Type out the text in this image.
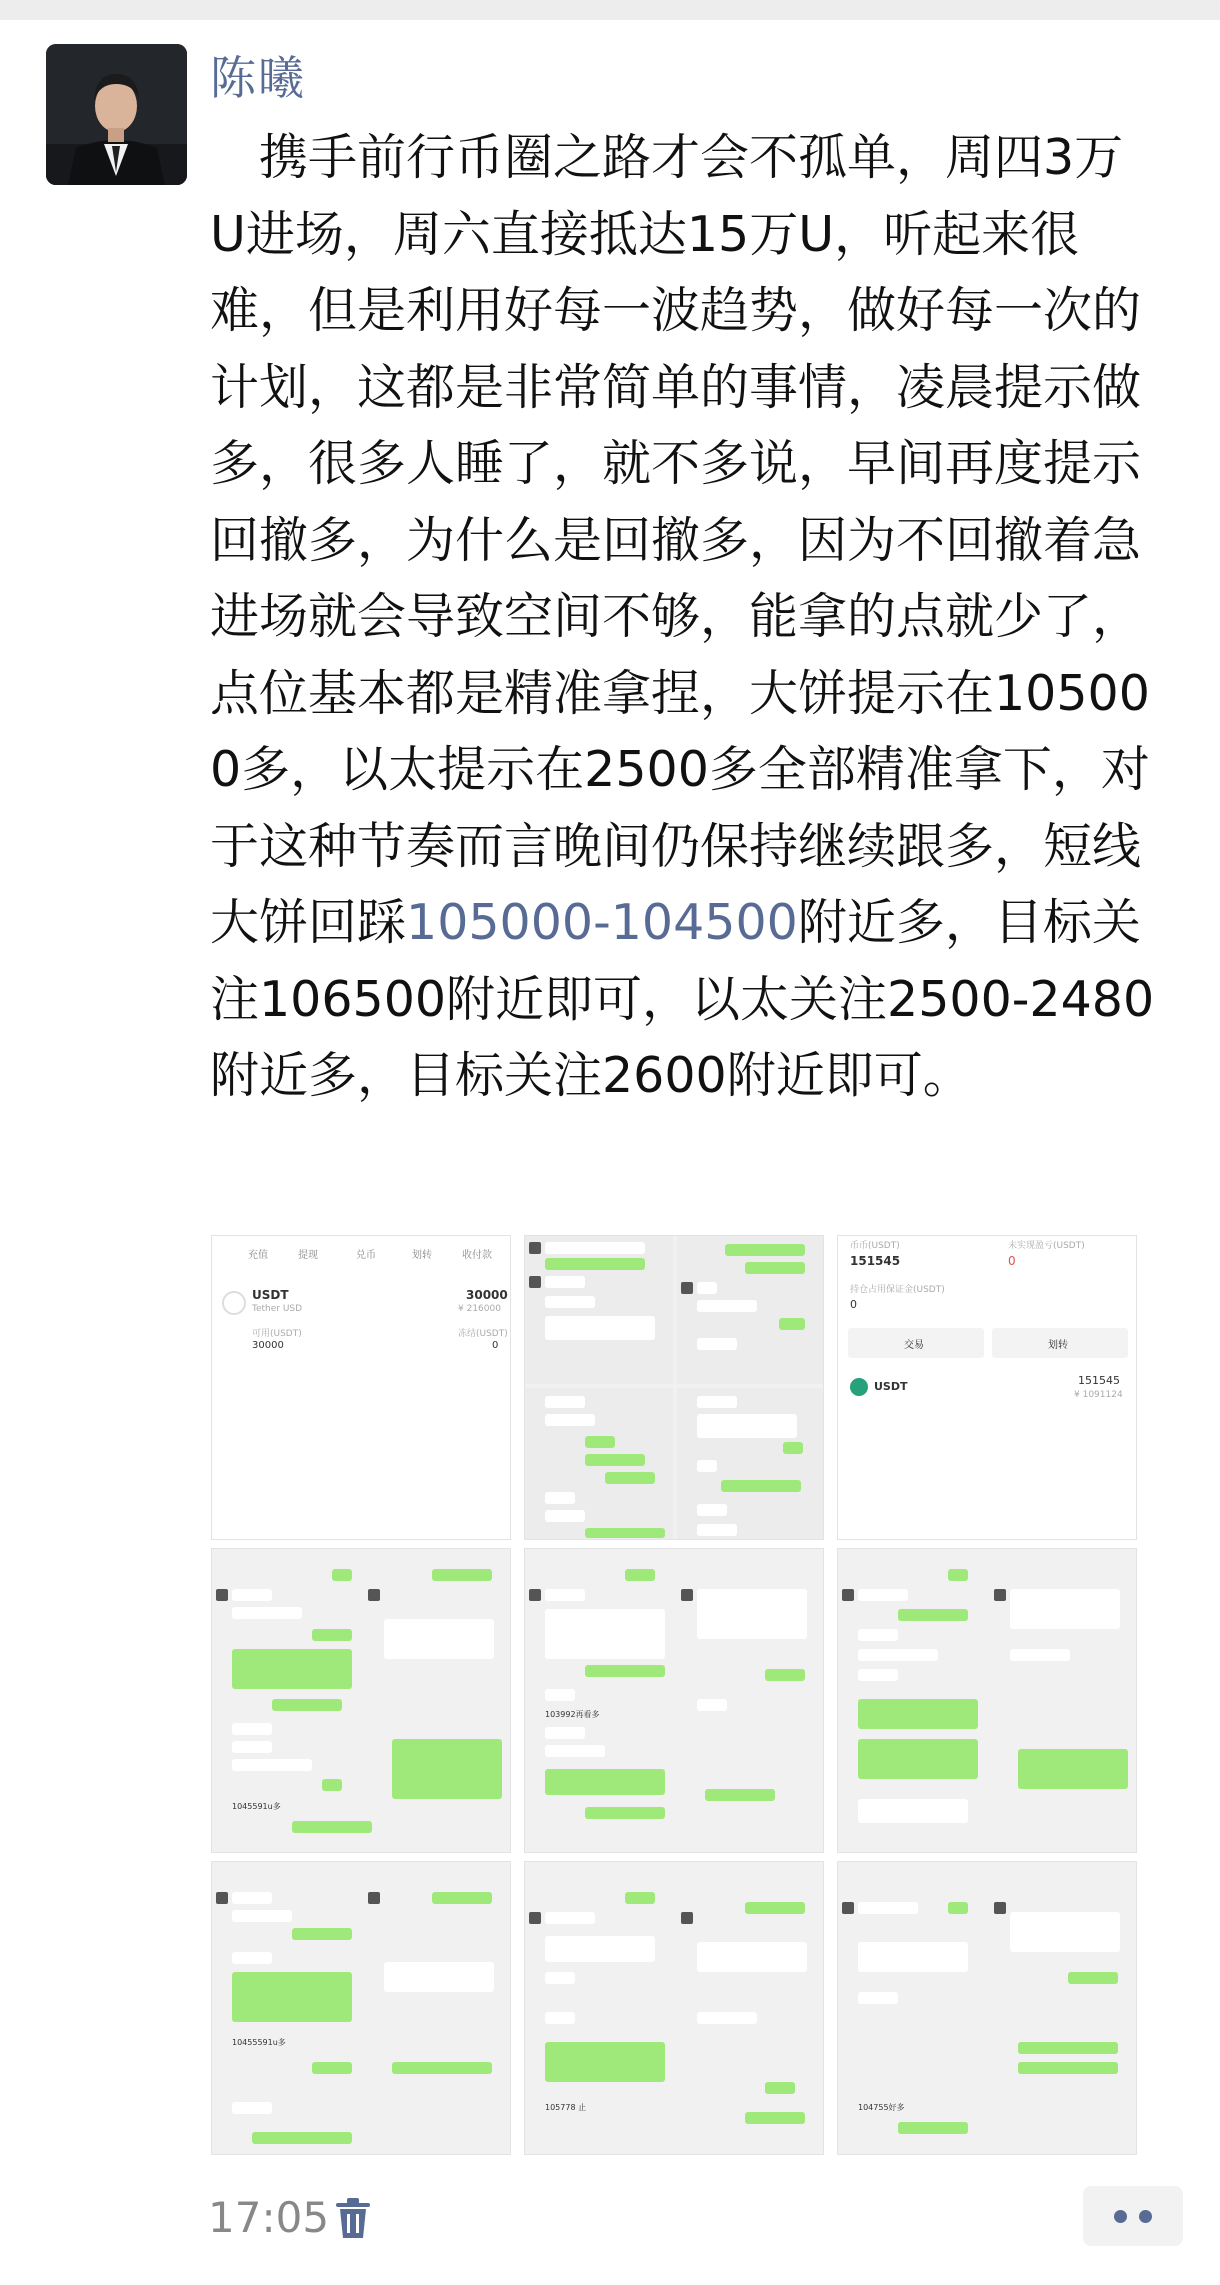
陈曦
　携手前行币圈之路才会不孤单，周四3万U进场，周六直接抵达15万U，听起来很难，但是利用好每一波趋势，做好每一次的计划，这都是非常简单的事情，凌晨提示做多，很多人睡了，就不多说，早间再度提示回撤多，为什么是回撤多，因为不回撤着急进场就会导致空间不够，能拿的点就少了，点位基本都是精准拿捏，大饼提示在105000多，以太提示在2500多全部精准拿下，对于这种节奏而言晚间仍保持继续跟多，短线大饼回踩105000-104500附近多，目标关注106500附近即可，以太关注2500-2480附近多，目标关注2600附近即可。
充值	提现	兑币	划转	收付款
USDT
Tether USD
30000
¥ 216000
可用(USDT)
30000
冻结(USDT)
0
币币(USDT)	未实现盈亏(USDT)
151545	0
持仓占用保证金(USDT)
0
交易	划转
USDT	151545
¥ 1091124
1045591u多
103992再看多
10455591u多
105778 止	104755好多
17:05
